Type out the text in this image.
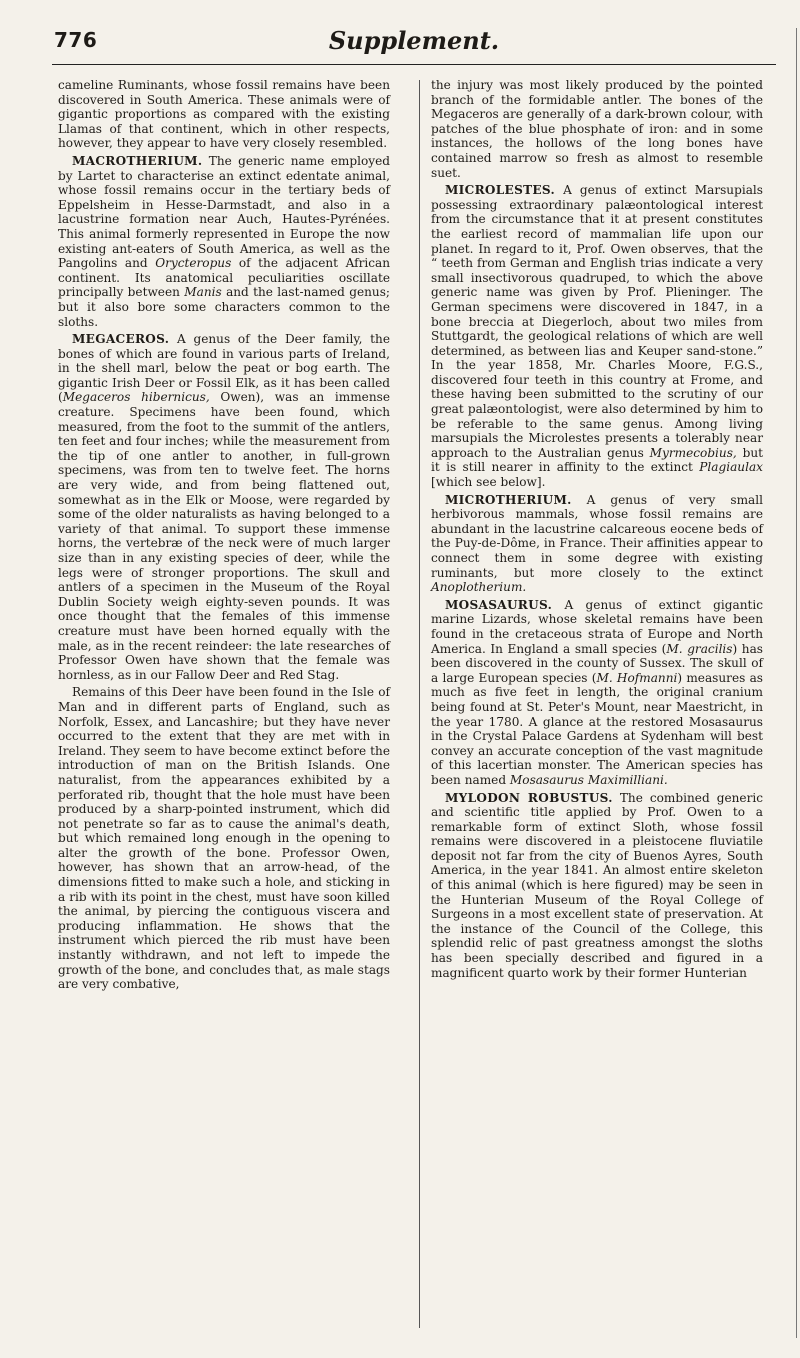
776	Supplement.

cameline Ruminants, whose fossil remains have been discovered in South America. These animals were of gigantic proportions as compared with the existing Llamas of that continent, which in other respects, however, they appear to have very closely resembled.

MACROTHERIUM. The generic name employed by Lartet to characterise an extinct edentate animal, whose fossil remains occur in the tertiary beds of Eppelsheim in Hesse-Darmstadt, and also in a lacustrine formation near Auch, Hautes-Pyrénées. This animal formerly represented in Europe the now existing ant-eaters of South America, as well as the Pangolins and Orycteropus of the adjacent African continent. Its anatomical peculiarities oscillate principally between Manis and the last-named genus; but it also bore some characters common to the sloths.

MEGACEROS. A genus of the Deer family, the bones of which are found in various parts of Ireland, in the shell marl, below the peat or bog earth. The gigantic Irish Deer or Fossil Elk, as it has been called (Megaceros hibernicus, Owen), was an immense creature. Specimens have been found, which measured, from the foot to the summit of the antlers, ten feet and four inches; while the measurement from the tip of one antler to another, in full-grown specimens, was from ten to twelve feet. The horns are very wide, and from being flattened out, somewhat as in the Elk or Moose, were regarded by some of the older naturalists as having belonged to a variety of that animal. To support these immense horns, the vertebræ of the neck were of much larger size than in any existing species of deer, while the legs were of stronger proportions. The skull and antlers of a specimen in the Museum of the Royal Dublin Society weigh eighty-seven pounds. It was once thought that the females of this immense creature must have been horned equally with the male, as in the recent reindeer: the late researches of Professor Owen have shown that the female was hornless, as in our Fallow Deer and Red Stag.

Remains of this Deer have been found in the Isle of Man and in different parts of England, such as Norfolk, Essex, and Lancashire; but they have never occurred to the extent that they are met with in Ireland. They seem to have become extinct before the introduction of man on the British Islands. One naturalist, from the appearances exhibited by a perforated rib, thought that the hole must have been produced by a sharp-pointed instrument, which did not penetrate so far as to cause the animal's death, but which remained long enough in the opening to alter the growth of the bone. Professor Owen, however, has shown that an arrow-head, of the dimensions fitted to make such a hole, and sticking in a rib with its point in the chest, must have soon killed the animal, by piercing the contiguous viscera and producing inflammation. He shows that the instrument which pierced the rib must have been instantly withdrawn, and not left to impede the growth of the bone, and concludes that, as male stags are very combative,

the injury was most likely produced by the pointed branch of the formidable antler. The bones of the Megaceros are generally of a dark-brown colour, with patches of the blue phosphate of iron: and in some instances, the hollows of the long bones have contained marrow so fresh as almost to resemble suet.

MICROLESTES. A genus of extinct Marsupials possessing extraordinary palæontological interest from the circumstance that it at present constitutes the earliest record of mammalian life upon our planet. In regard to it, Prof. Owen observes, that the “ teeth from German and English trias indicate a very small insectivorous quadruped, to which the above generic name was given by Prof. Plieninger. The German specimens were discovered in 1847, in a bone breccia at Diegerloch, about two miles from Stuttgardt, the geological relations of which are well determined, as between lias and Keuper sand-stone.” In the year 1858, Mr. Charles Moore, F.G.S., discovered four teeth in this country at Frome, and these having been submitted to the scrutiny of our great palæontologist, were also determined by him to be referable to the same genus. Among living marsupials the Microlestes presents a tolerably near approach to the Australian genus Myrmecobius, but it is still nearer in affinity to the extinct Plagiaulax [which see below].

MICROTHERIUM. A genus of very small herbivorous mammals, whose fossil remains are abundant in the lacustrine calcareous eocene beds of the Puy-de-Dôme, in France. Their affinities appear to connect them in some degree with existing ruminants, but more closely to the extinct Anoplotherium.

MOSASAURUS. A genus of extinct gigantic marine Lizards, whose skeletal remains have been found in the cretaceous strata of Europe and North America. In England a small species (M. gracilis) has been discovered in the county of Sussex. The skull of a large European species (M. Hofmanni) measures as much as five feet in length, the original cranium being found at St. Peter's Mount, near Maestricht, in the year 1780. A glance at the restored Mosasaurus in the Crystal Palace Gardens at Sydenham will best convey an accurate conception of the vast magnitude of this lacertian monster. The American species has been named Mosasaurus Maximilliani.

MYLODON ROBUSTUS. The combined generic and scientific title applied by Prof. Owen to a remarkable form of extinct Sloth, whose fossil remains were discovered in a pleistocene fluviatile deposit not far from the city of Buenos Ayres, South America, in the year 1841. An almost entire skeleton of this animal (which is here figured) may be seen in the Hunterian Museum of the Royal College of Surgeons in a most excellent state of preservation. At the instance of the Council of the College, this splendid relic of past greatness amongst the sloths has been specially described and figured in a magnificent quarto work by their former Hunterian
